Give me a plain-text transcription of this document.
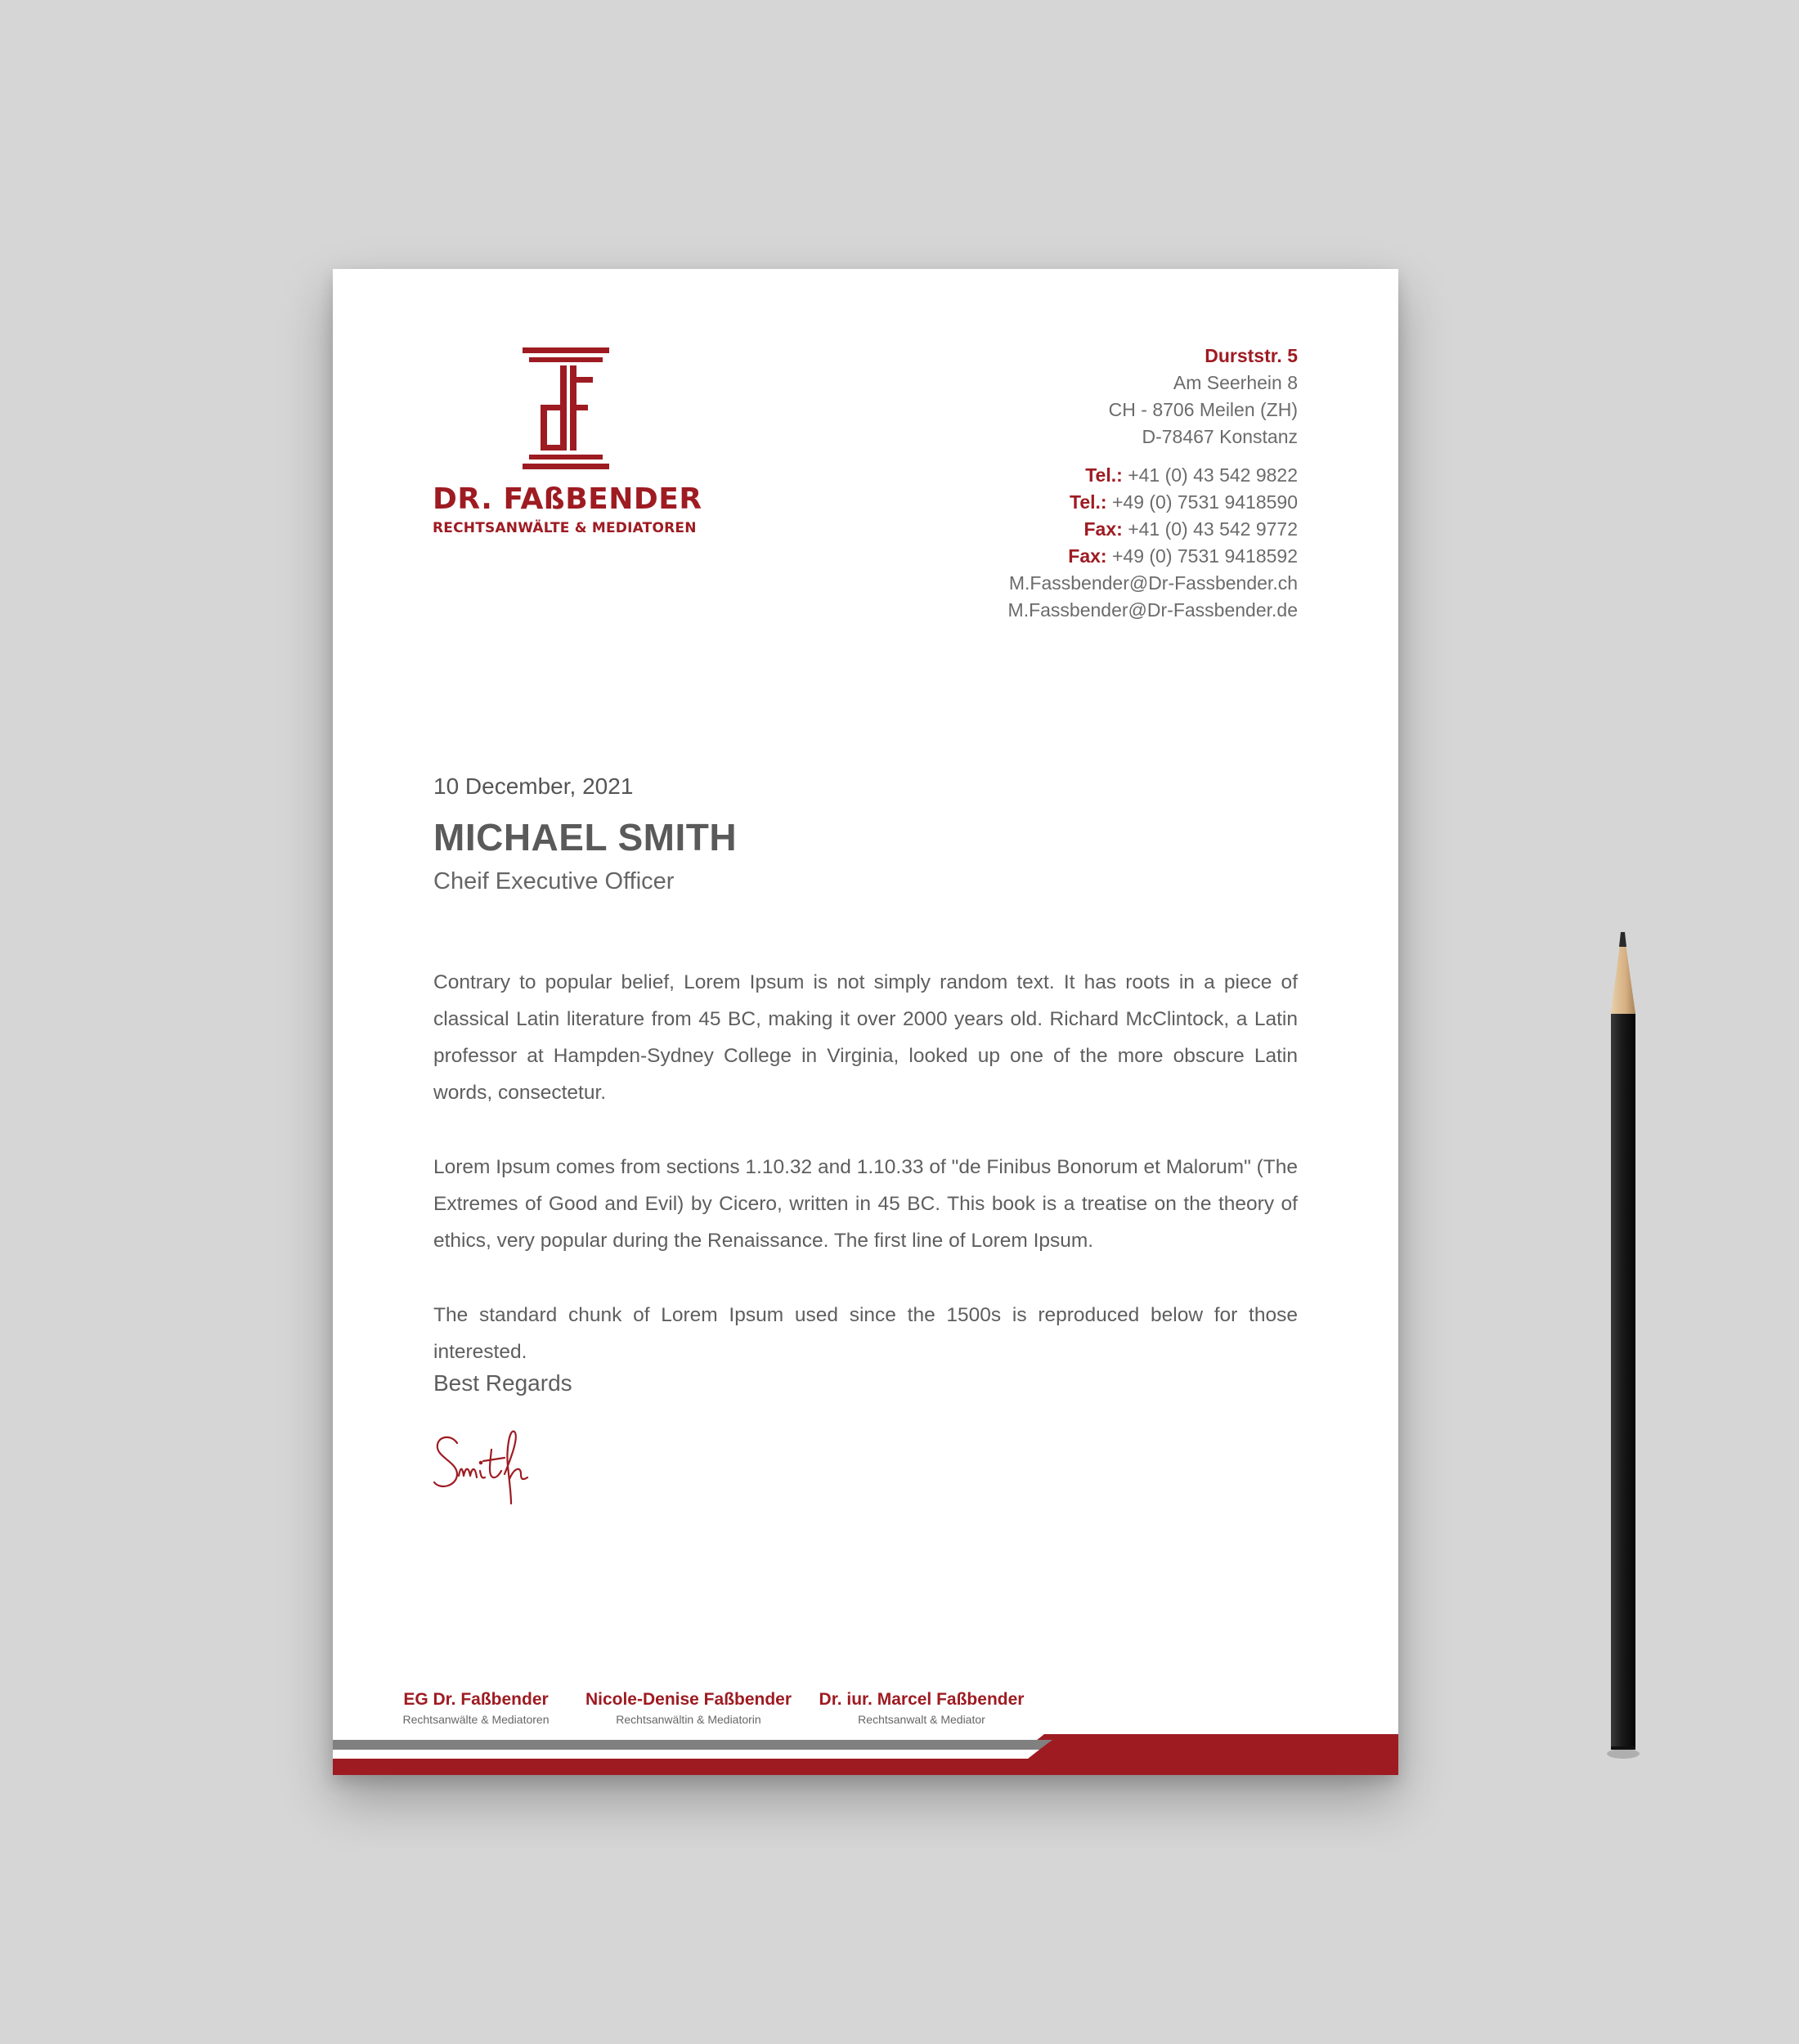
DR. FAßBENDER
RECHTSANWÄLTE & MEDIATOREN
Durststr. 5
Am Seerhein 8
CH - 8706 Meilen (ZH)
D-78467 Konstanz
Tel.: +41 (0) 43 542 9822
Tel.: +49 (0) 7531 9418590
Fax: +41 (0) 43 542 9772
Fax: +49 (0) 7531 9418592
M.Fassbender@Dr-Fassbender.ch
M.Fassbender@Dr-Fassbender.de
10 December, 2021
MICHAEL SMITH
Cheif Executive Officer

Contrary to popular belief, Lorem Ipsum is not simply random text. It has roots in a piece of classical Latin literature from 45 BC, making it over 2000 years old. Richard McClintock, a Latin professor at Hampden-Sydney College in Virginia, looked up one of the more obscure Latin words, consectetur.

Lorem Ipsum comes from sections 1.10.32 and 1.10.33 of "de Finibus Bonorum et Malorum" (The Extremes of Good and Evil) by Cicero, written in 45 BC. This book is a treatise on the theory of ethics, very popular during the Renaissance. The first line of Lorem Ipsum.

The standard chunk of Lorem Ipsum used since the 1500s is reproduced below for those interested.

Best Regards
EG Dr. Faßbender
Rechtsanwälte & Mediatoren
Nicole-Denise Faßbender
Rechtsanwältin & Mediatorin
Dr. iur. Marcel Faßbender
Rechtsanwalt & Mediator
